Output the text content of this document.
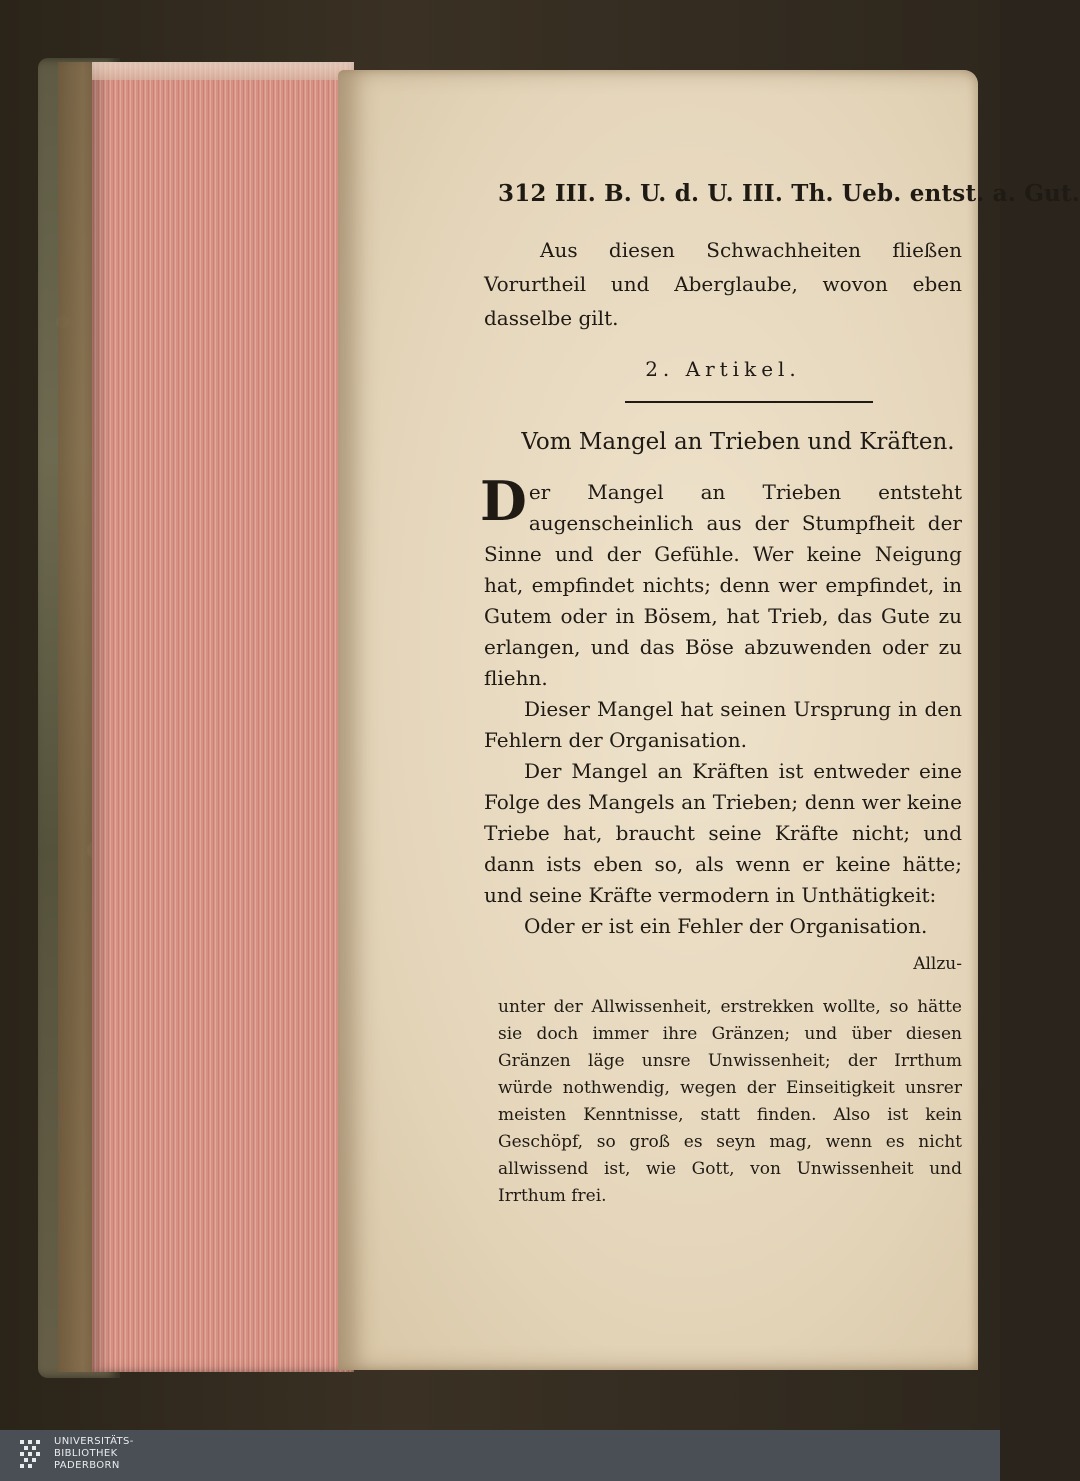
312 III. B. U. d. U. III. Th. Ueb. entst. a. Gut.

Aus diesen Schwachheiten fließen Vorurtheil und Aberglaube, wovon eben dasselbe gilt.

2. Artikel.
Vom Mangel an Trieben und Kräften.

Der Mangel an Trieben entsteht augenscheinlich aus der Stumpfheit der Sinne und der Gefühle. Wer keine Neigung hat, empfindet nichts; denn wer empfindet, in Gutem oder in Bösem, hat Trieb, das Gute zu erlangen, und das Böse abzuwenden oder zu fliehn.

Dieser Mangel hat seinen Ursprung in den Fehlern der Organisation.

Der Mangel an Kräften ist entweder eine Folge des Mangels an Trieben; denn wer keine Triebe hat, braucht seine Kräfte nicht; und dann ists eben so, als wenn er keine hätte; und seine Kräfte vermodern in Unthätigkeit:

Oder er ist ein Fehler der Organisation.

Allzu-

unter der Allwissenheit, erstrekken wollte, so hätte sie doch immer ihre Gränzen; und über diesen Gränzen läge unsre Unwissenheit; der Irrthum würde nothwendig, wegen der Einseitigkeit unsrer meisten Kenntnisse, statt finden. Also ist kein Geschöpf, so groß es seyn mag, wenn es nicht allwissend ist, wie Gott, von Unwissenheit und Irrthum frei.

UNIVERSITÄTS-
BIBLIOTHEK
PADERBORN
